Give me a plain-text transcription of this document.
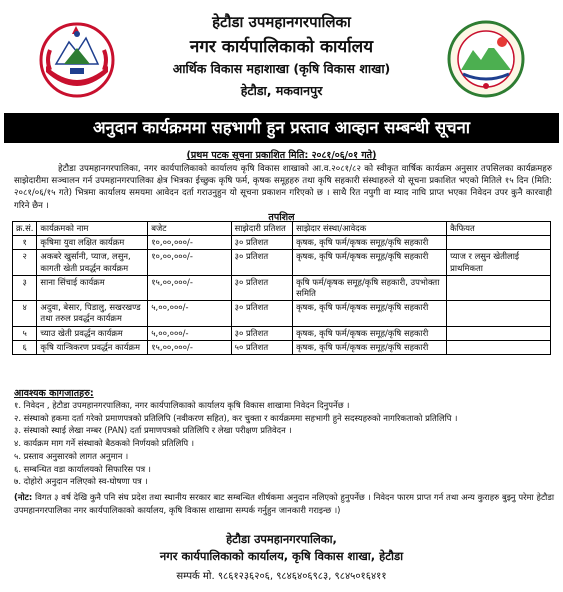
हेटौडा उपमहानगरपालिका
नगर कार्यपालिकाको कार्यालय
आर्थिक विकास महाशाखा (कृषि विकास शाखा)
हेटौडा, मकवानपुर
अनुदान कार्यक्रममा सहभागी हुन प्रस्ताव आव्हान सम्बन्धी सूचना
(प्रथम पटक सूचना प्रकाशित मिति: २०८१/०६/०१ गते)

हेटौडा उपमहानगरपालिका, नगर कार्यपालिकाको कार्यालय कृषि विकास शाखाको आ.व.२०८१/८२ को स्वीकृत वार्षिक कार्यक्रम अनुसार तपसिलका कार्यक्रमहरु साझेदारीमा सञ्चालन गर्न उपमहानगरपालिका क्षेत्र भित्रका ईच्छुक कृषि फर्म, कृषक समूहहरु तथा कृषि सहकारी संस्थाहरुले यो सूचना प्रकाशित भएको मितिले १५ दिन (मिति: २०८१/०६/१५ गते) भित्रमा कार्यालय समयमा आवेदन दर्ता गराउनुहुन यो सूचना प्रकाशन गरिएको छ । साथै रित नपुगी वा म्याद नाघि प्राप्त भएका निवेदन उपर कुनै कारवाही गरिने छैन ।

तपशिल
क्र.सं.	कार्यक्रमको नाम	बजेट	साझेदारी प्रतिशत	साझेदार संस्था/आवेदक	कैफियत
१	कृषिमा युवा लक्षित कार्यक्रम	१०,००,०००/-	३० प्रतिशत	कृषक, कृषि फर्म/कृषक समूह/कृषि सहकारी	
२	अकबरे खुर्सानी, प्याज, लसुन, कागती खेती प्रवर्द्धन कार्यक्रम	१०,००,०००/-	३० प्रतिशत	कृषक, कृषि फर्म/कृषक समूह/कृषि सहकारी	प्याज र लसुन खेतीलाई प्राथमिकता
३	साना सिंचाई कार्यक्रम	१५,००,०००/-	३० प्रतिशत	कृषि फर्म/कृषक समूह/कृषि सहकारी, उपभोक्ता समिति	
४	अदुवा, बेसार, पिडालु, सखरखण्ड तथा तरुल प्रवर्द्धन कार्यक्रम	५,००,०००/-	३० प्रतिशत	कृषक, कृषि फर्म/कृषक समूह/कृषि सहकारी	
५	च्याउ खेती प्रवर्द्धन कार्यक्रम	५,००,०००/-	३० प्रतिशत	कृषक, कृषि फर्म/कृषक समूह/कृषि सहकारी	
६	कृषि यान्त्रिकरण प्रवर्द्धन कार्यक्रम	१५,००,०००/-	५० प्रतिशत	कृषक, कृषि फर्म/कृषक समूह/कृषि सहकारी	
आवश्यक कागजातहरु:
१. निवेदन , हेटौडा उपमहानगरपालिका, नगर कार्यपालिकाको कार्यालय कृषि विकास शाखामा निवेदन दिनुपर्नेछ ।
२. संस्थाको हकमा दर्ता गरेको प्रमाणपत्रको प्रतिलिपि (नवीकरण सहित), कर चुक्ता र कार्यक्रममा सहभागी हुने सदस्यहरुको नागरिकताको प्रतिलिपि ।
३. संस्थाको स्थाई लेखा नम्बर (PAN) दर्ता प्रमाणपत्रको प्रतिलिपि र लेखा परीक्षण प्रतिवेदन ।
४. कार्यक्रम माग गर्ने संस्थाको बैठकको निर्णयको प्रतिलिपि ।
५. प्रस्ताव अनुसारको लागत अनुमान ।
६. सम्बन्धित वडा कार्यालयको सिफारिस पत्र ।
७. दोहोरो अनुदान नलिएको स्व-घोषणा पत्र ।

(नोट: विगत ३ वर्ष देखि कुनै पनि संघ प्रदेश तथा स्थानीय सरकार बाट सम्बन्धित शीर्षकमा अनुदान नलिएको हुनुपर्नेछ । निवेदन फारम प्राप्त गर्न तथा अन्य कुराहरु बुझ्नु परेमा हेटौडा उपमहानगरपालिका नगर कार्यपालिकाको कार्यालय, कृषि विकास शाखामा सम्पर्क गर्नुहुन जानकारी गराइन्छ ।)

हेटौडा उपमहानगरपालिका,
नगर कार्यपालिकाको कार्यालय, कृषि विकास शाखा, हेटौडा
सम्पर्क मो. ९८६१२३६२०६, ९८४६४०६९८३, ९८४५०१६४११
